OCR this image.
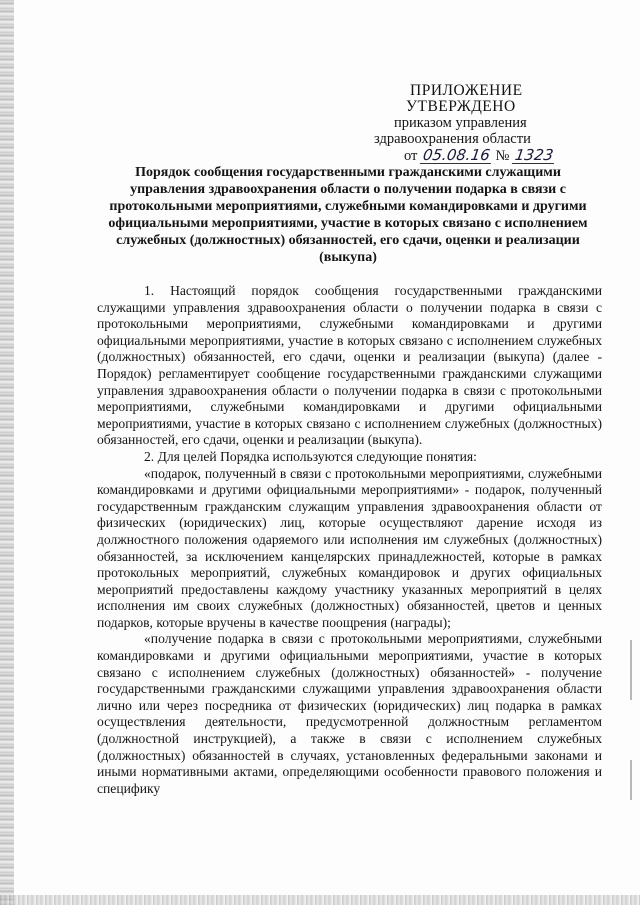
ПРИЛОЖЕНИЕ
УТВЕРЖДЕНО
приказом управления
здравоохранения области
от 05.08.16 № 1323
Порядок сообщения государственными гражданскими служащими управления здравоохранения области о получении подарка в связи с протокольными мероприятиями, служебными командировками и другими официальными мероприятиями, участие в которых связано с исполнением служебных (должностных) обязанностей, его сдачи, оценки и реализации (выкупа)

1. Настоящий порядок сообщения государственными гражданскими служащими управления здравоохранения области о получении подарка в связи с протокольными мероприятиями, служебными командировками и другими официальными мероприятиями, участие в которых связано с исполнением служебных (должностных) обязанностей, его сдачи, оценки и реализации (выкупа) (далее - Порядок) регламентирует сообщение государственными гражданскими служащими управления здравоохранения области о получении подарка в связи с протокольными мероприятиями, служебными командировками и другими официальными мероприятиями, участие в которых связано с исполнением служебных (должностных) обязанностей, его сдачи, оценки и реализации (выкупа).

2. Для целей Порядка используются следующие понятия:

«подарок, полученный в связи с протокольными мероприятиями, служебными командировками и другими официальными мероприятиями» - подарок, полученный государственным гражданским служащим управления здравоохранения области от физических (юридических) лиц, которые осуществляют дарение исходя из должностного положения одаряемого или исполнения им служебных (должностных) обязанностей, за исключением канцелярских принадлежностей, которые в рамках протокольных мероприятий, служебных командировок и других официальных мероприятий предоставлены каждому участнику указанных мероприятий в целях исполнения им своих служебных (должностных) обязанностей, цветов и ценных подарков, которые вручены в качестве поощрения (награды);

«получение подарка в связи с протокольными мероприятиями, служебными командировками и другими официальными мероприятиями, участие в которых связано с исполнением служебных (должностных) обязанностей» - получение государственными гражданскими служащими управления здравоохранения области лично или через посредника от физических (юридических) лиц подарка в рамках осуществления деятельности, предусмотренной должностным регламентом (должностной инструкцией), а также в связи с исполнением служебных (должностных) обязанностей в случаях, установленных федеральными законами и иными нормативными актами, определяющими особенности правового положения и специфику
